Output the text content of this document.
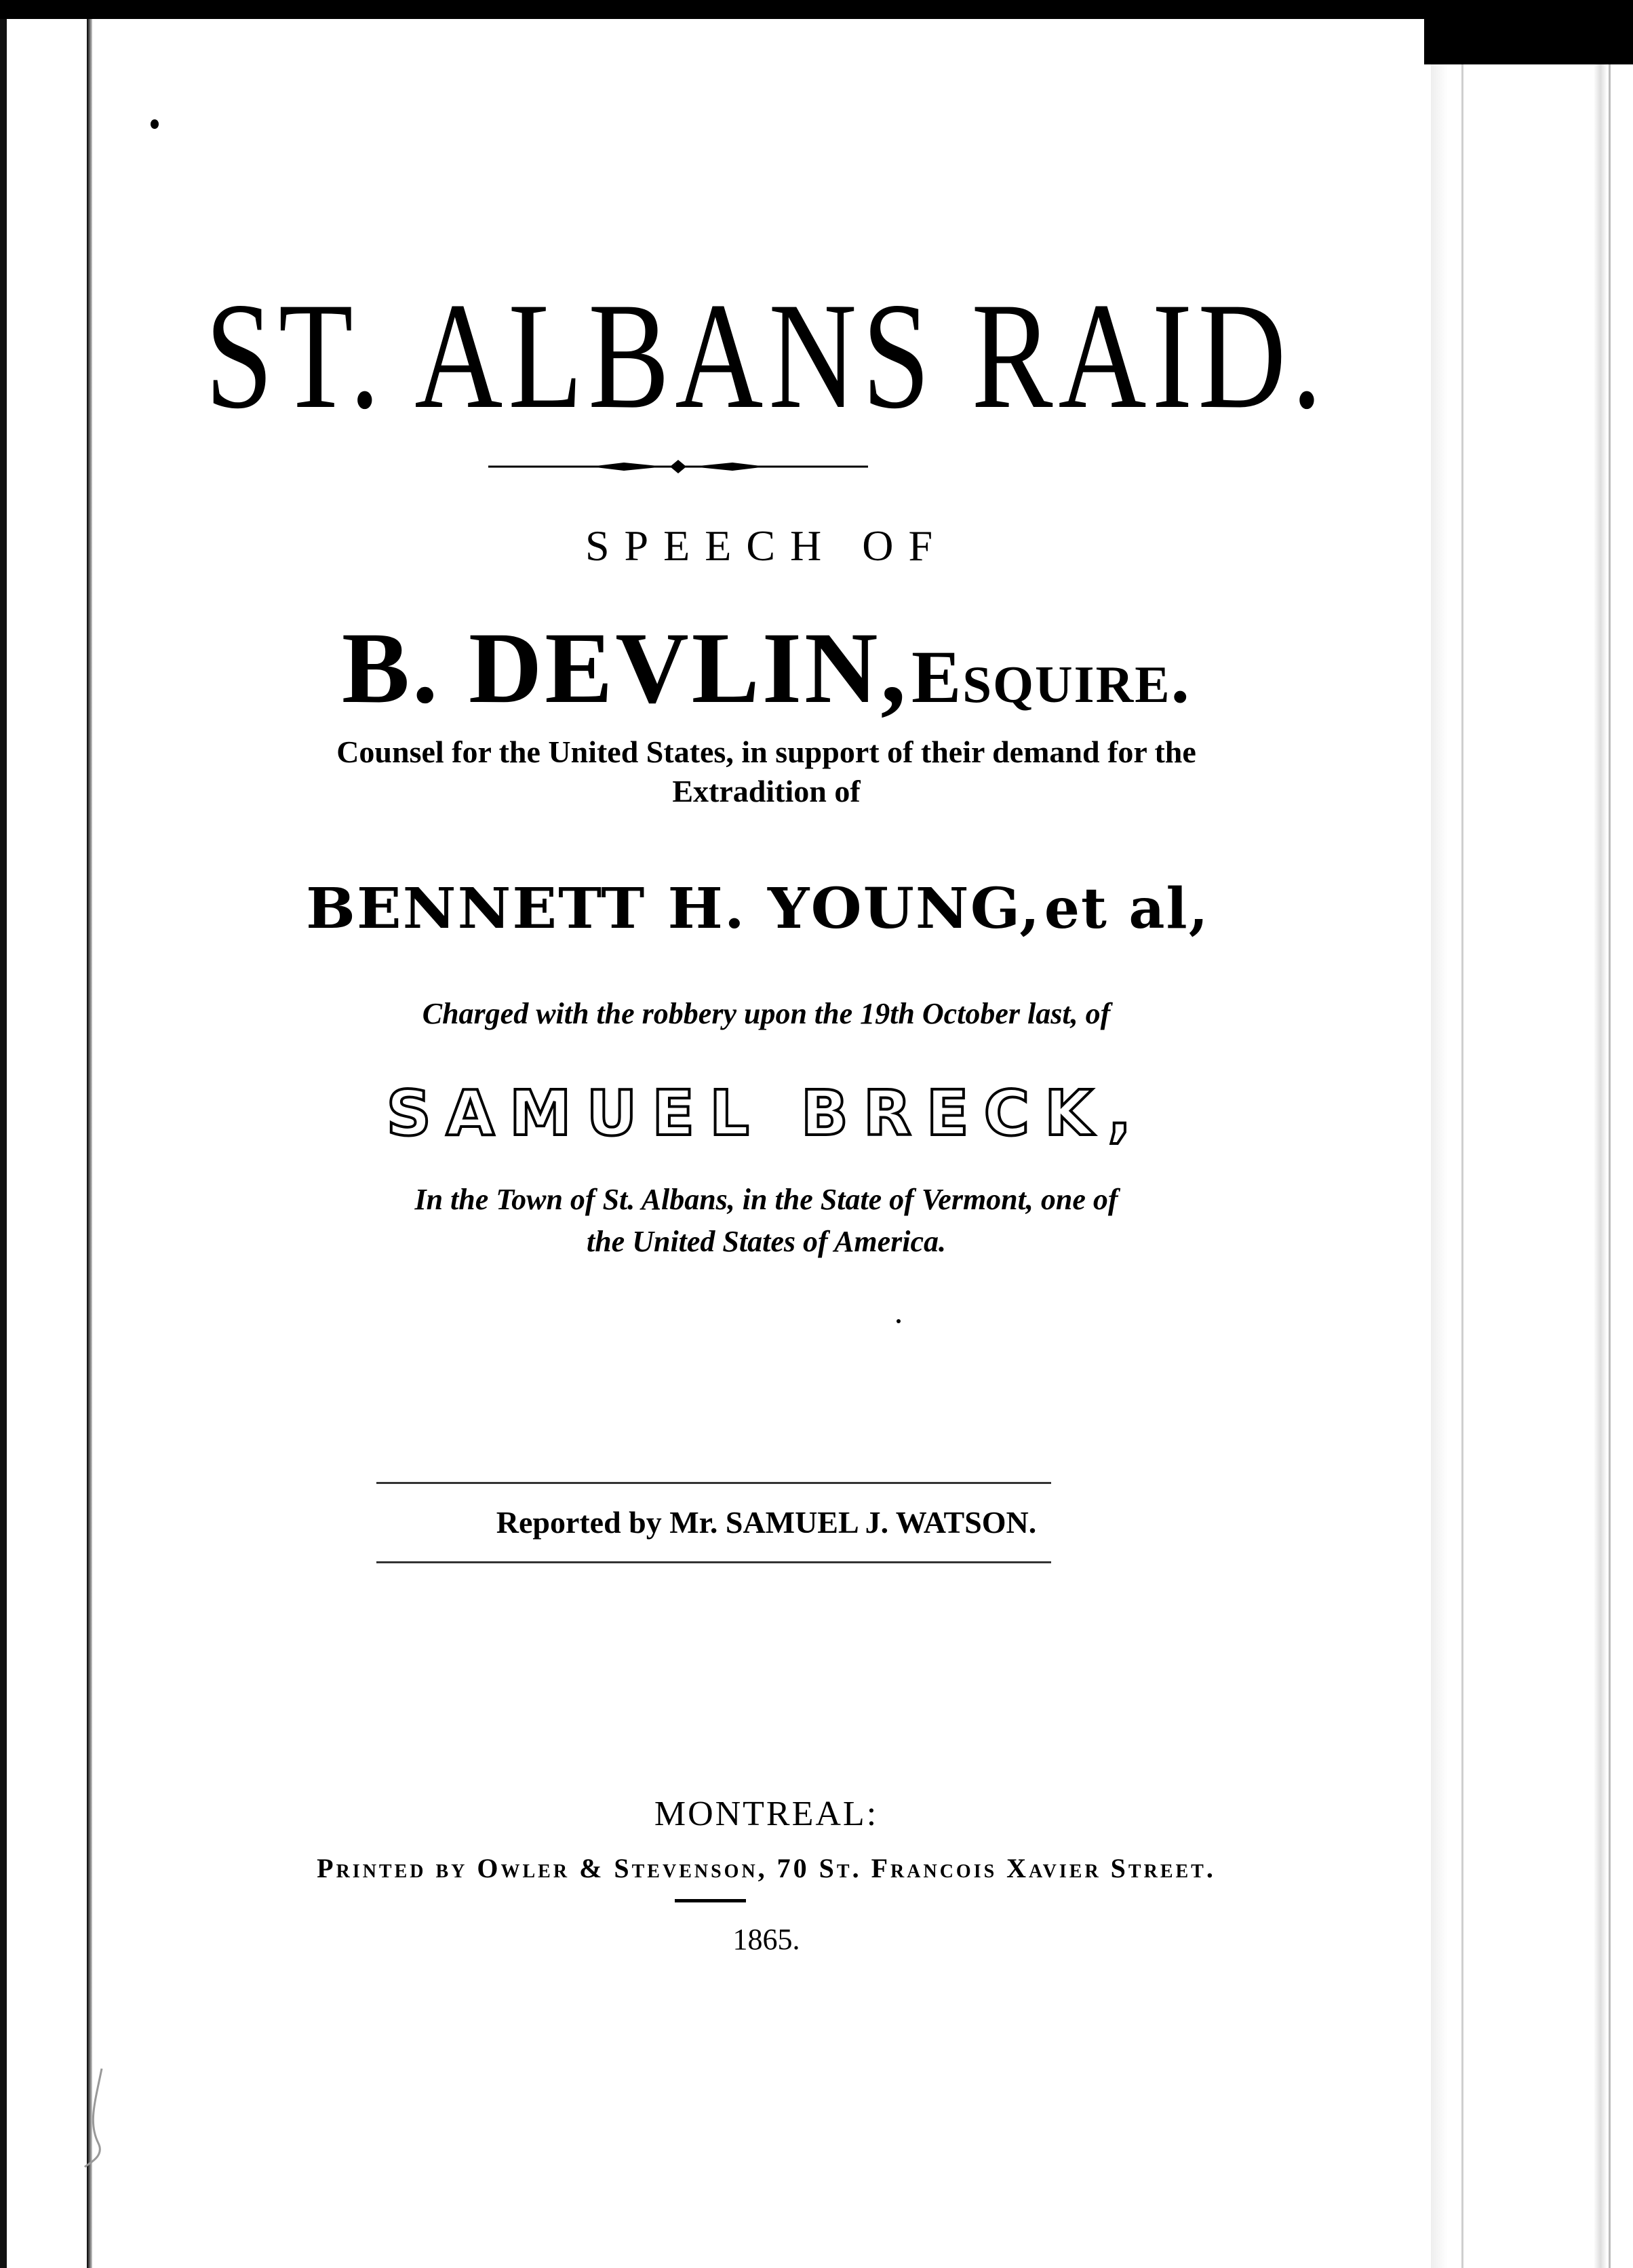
ST. ALBANS RAID.
SPEECH OF
B. DEVLIN, Esquire.
Counsel for the United States, in support of their demand for the
Extradition of
BENNETT H. YOUNG, et al,
Charged with the robbery upon the 19th October last, of
SAMUEL BRECK,
In the Town of St. Albans, in the State of Vermont, one of
the United States of America.
Reported by Mr. SAMUEL J. WATSON.
MONTREAL:
Printed by Owler & Stevenson, 70 St. Francois Xavier Street.
1865.
